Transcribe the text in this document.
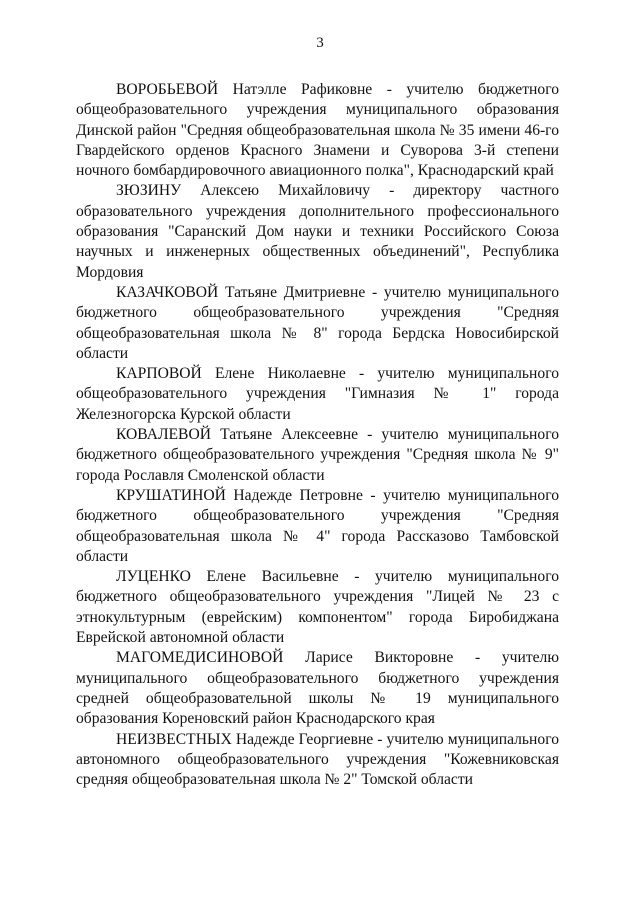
3

ВОРОБЬЕВОЙ Натэлле Рафиковне - учителю бюджетного общеобразовательного учреждения муниципального образования Динской район "Средняя общеобразовательная школа № 35 имени 46-го Гвардейского орденов Красного Знамени и Суворова 3-й степени ночного бомбардировочного авиационного полка", Краснодарский край

ЗЮЗИНУ Алексею Михайловичу - директору частного образовательного учреждения дополнительного профессионального образования "Саранский Дом науки и техники Российского Союза научных и инженерных общественных объединений", Республика Мордовия

КАЗАЧКОВОЙ Татьяне Дмитриевне - учителю муниципального бюджетного общеобразовательного учреждения "Средняя общеобразовательная школа № 8" города Бердска Новосибирской области

КАРПОВОЙ Елене Николаевне - учителю муниципального общеобразовательного учреждения "Гимназия № 1" города Железногорска Курской области

КОВАЛЕВОЙ Татьяне Алексеевне - учителю муниципального бюджетного общеобразовательного учреждения "Средняя школа № 9" города Рославля Смоленской области

КРУШАТИНОЙ Надежде Петровне - учителю муниципального бюджетного общеобразовательного учреждения "Средняя общеобразовательная школа № 4" города Рассказово Тамбовской области

ЛУЦЕНКО Елене Васильевне - учителю муниципального бюджетного общеобразовательного учреждения "Лицей № 23 с этнокультурным (еврейским) компонентом" города Биробиджана Еврейской автономной области

МАГОМЕДИСИНОВОЙ Ларисе Викторовне - учителю муниципального общеобразовательного бюджетного учреждения средней общеобразовательной школы № 19 муниципального образования Кореновский район Краснодарского края

НЕИЗВЕСТНЫХ Надежде Георгиевне - учителю муниципального автономного общеобразовательного учреждения "Кожевниковская средняя общеобразовательная школа № 2" Томской области
